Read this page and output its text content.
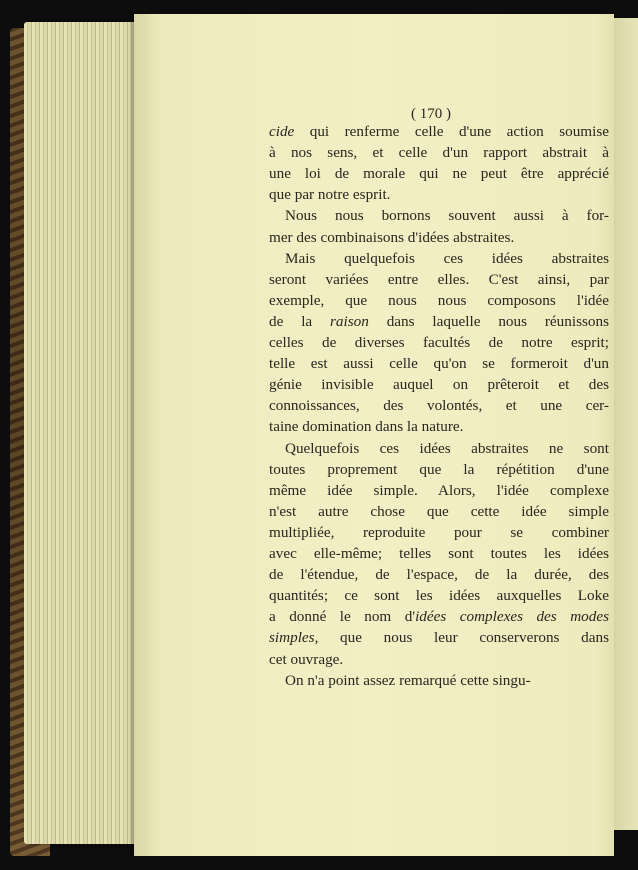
( 170 )
cide qui renferme celle d'une action soumise
à nos sens, et celle d'un rapport abstrait à
une loi de morale qui ne peut être apprécié
que par notre esprit.
Nous nous bornons souvent aussi à for-
mer des combinaisons d'idées abstraites.
Mais quelquefois ces idées abstraites
seront variées entre elles. C'est ainsi, par
exemple, que nous nous composons l'idée
de la raison dans laquelle nous réunissons
celles de diverses facultés de notre esprit;
telle est aussi celle qu'on se formeroit d'un
génie invisible auquel on prêteroit et des
connoissances, des volontés, et une cer-
taine domination dans la nature.
Quelquefois ces idées abstraites ne sont
toutes proprement que la répétition d'une
même idée simple. Alors, l'idée complexe
n'est autre chose que cette idée simple
multipliée, reproduite pour se combiner
avec elle-même; telles sont toutes les idées
de l'étendue, de l'espace, de la durée, des
quantités; ce sont les idées auxquelles Loke
a donné le nom d'idées complexes des modes
simples, que nous leur conserverons dans
cet ouvrage.
On n'a point assez remarqué cette singu-
